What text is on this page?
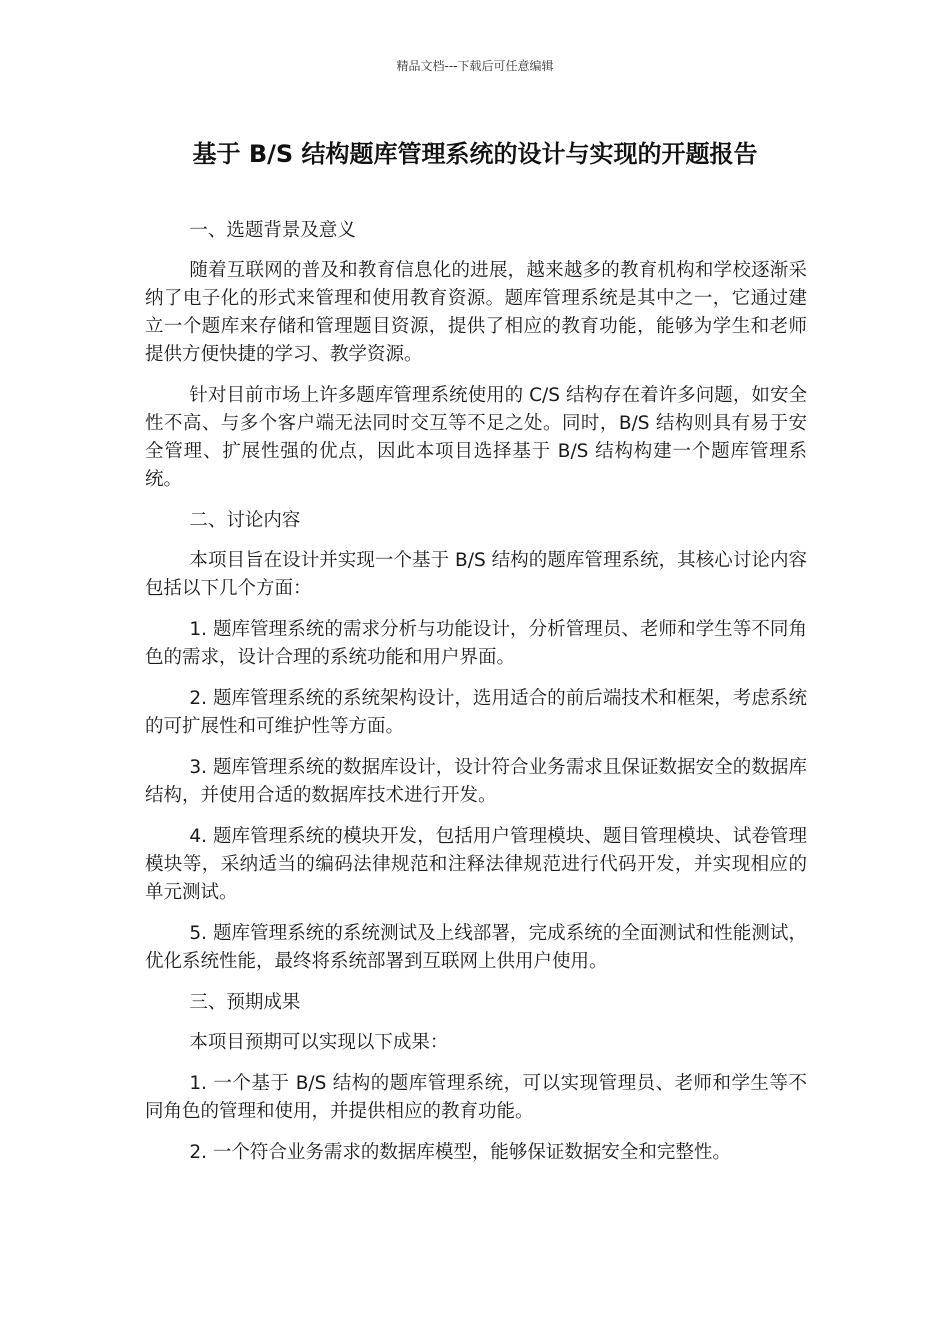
精品文档---下载后可任意编辑
基于 B/S 结构题库管理系统的设计与实现的开题报告

一、选题背景及意义

随着互联网的普及和教育信息化的进展，越来越多的教育机构和学校逐渐采纳了电子化的形式来管理和使用教育资源。题库管理系统是其中之一，它通过建立一个题库来存储和管理题目资源，提供了相应的教育功能，能够为学生和老师提供方便快捷的学习、教学资源。

针对目前市场上许多题库管理系统使用的 C/S 结构存在着许多问题，如安全性不高、与多个客户端无法同时交互等不足之处。同时，B/S 结构则具有易于安全管理、扩展性强的优点，因此本项目选择基于 B/S 结构构建一个题库管理系统。

二、讨论内容

本项目旨在设计并实现一个基于 B/S 结构的题库管理系统，其核心讨论内容包括以下几个方面：

1. 题库管理系统的需求分析与功能设计，分析管理员、老师和学生等不同角色的需求，设计合理的系统功能和用户界面。

2. 题库管理系统的系统架构设计，选用适合的前后端技术和框架，考虑系统的可扩展性和可维护性等方面。

3. 题库管理系统的数据库设计，设计符合业务需求且保证数据安全的数据库结构，并使用合适的数据库技术进行开发。

4. 题库管理系统的模块开发，包括用户管理模块、题目管理模块、试卷管理模块等，采纳适当的编码法律规范和注释法律规范进行代码开发，并实现相应的单元测试。

5. 题库管理系统的系统测试及上线部署，完成系统的全面测试和性能测试，优化系统性能，最终将系统部署到互联网上供用户使用。

三、预期成果

本项目预期可以实现以下成果：

1. 一个基于 B/S 结构的题库管理系统，可以实现管理员、老师和学生等不同角色的管理和使用，并提供相应的教育功能。

2. 一个符合业务需求的数据库模型，能够保证数据安全和完整性。
